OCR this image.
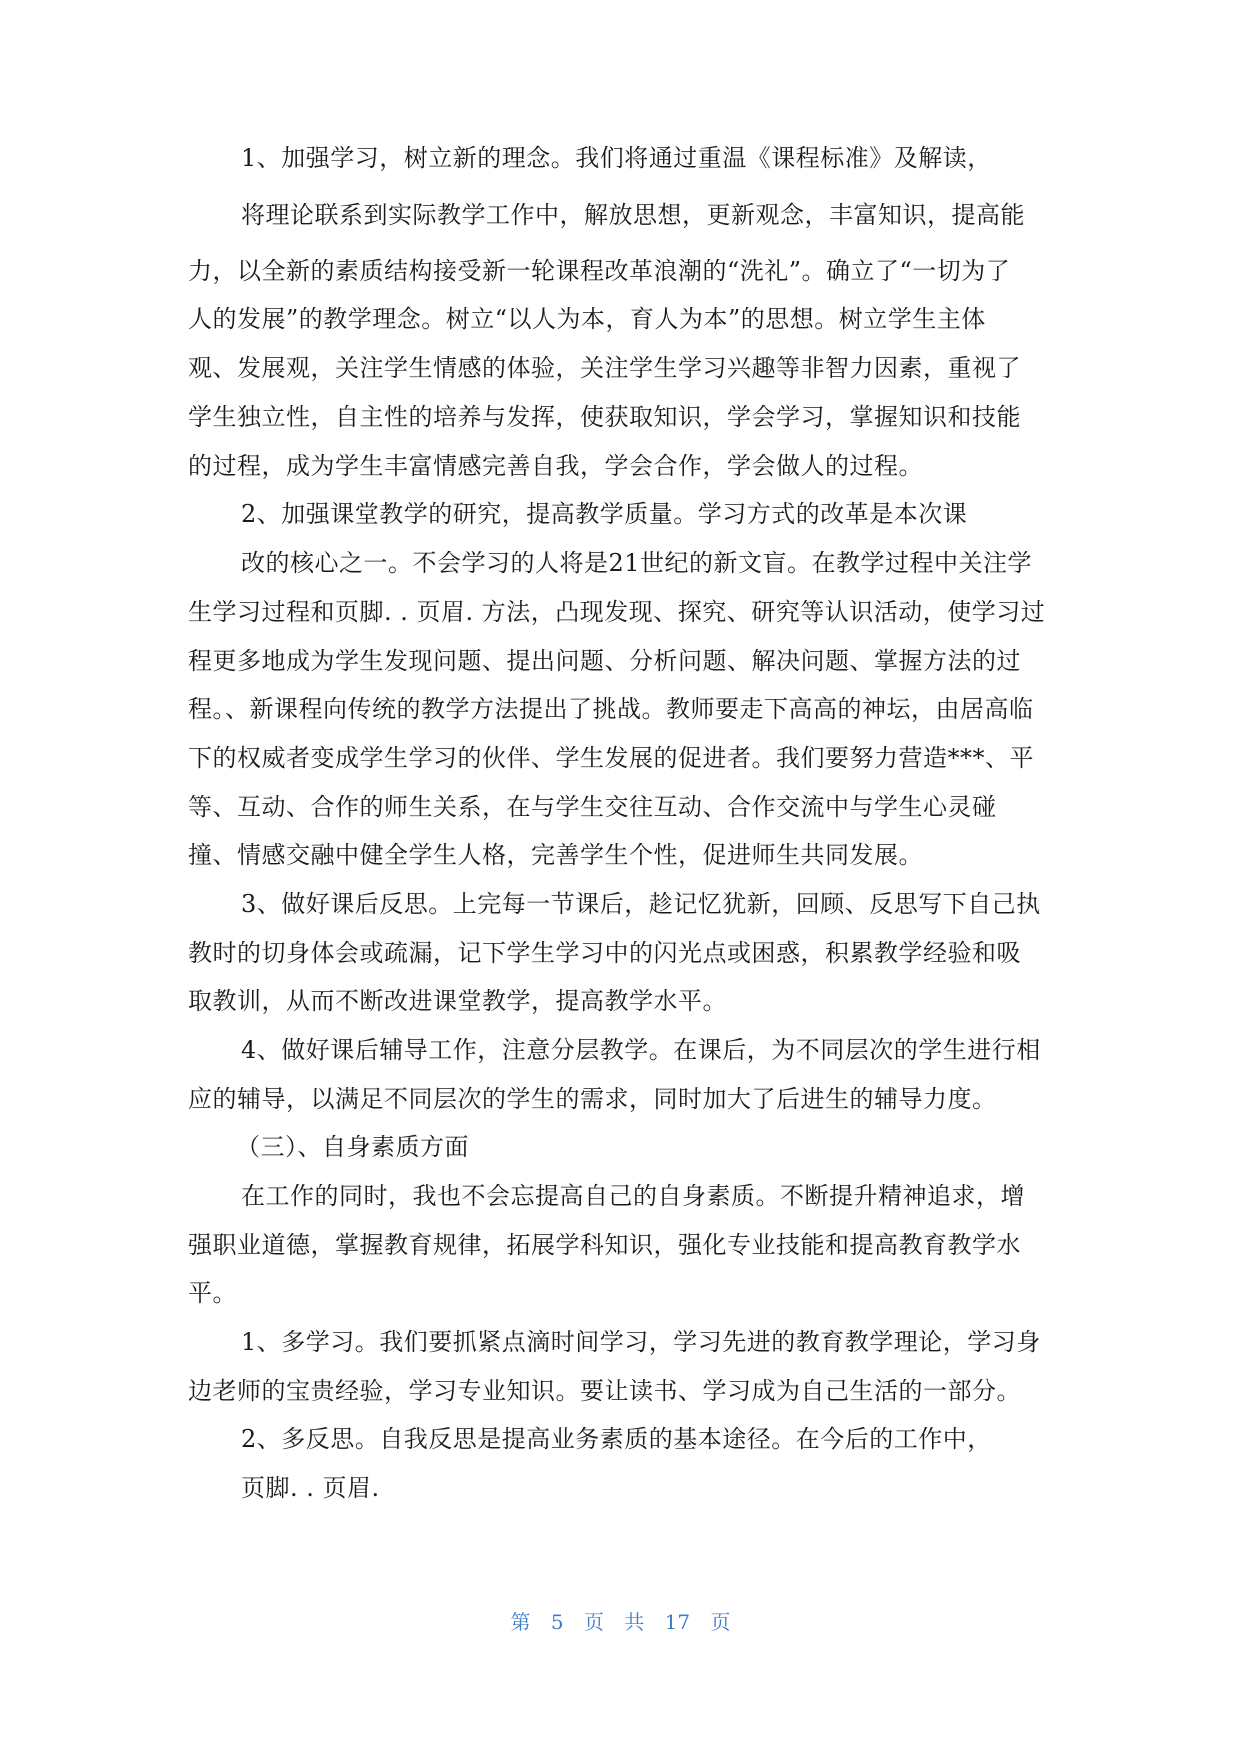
1、加强学习，树立新的理念。我们将通过重温《课程标准》及解读，
将理论联系到实际教学工作中，解放思想，更新观念，丰富知识，提高能
力，以全新的素质结构接受新一轮课程改革浪潮的“洗礼”。确立了“一切为了
人的发展”的教学理念。树立“以人为本，育人为本”的思想。树立学生主体
观、发展观，关注学生情感的体验，关注学生学习兴趣等非智力因素，重视了
学生独立性，自主性的培养与发挥，使获取知识，学会学习，掌握知识和技能
的过程，成为学生丰富情感完善自我，学会合作，学会做人的过程。
2、加强课堂教学的研究，提高教学质量。学习方式的改革是本次课
改的核心之一。不会学习的人将是21世纪的新文盲。在教学过程中关注学
生学习过程和页脚. . 页眉. 方法，凸现发现、探究、研究等认识活动，使学习过
程更多地成为学生发现问题、提出问题、分析问题、解决问题、掌握方法的过
程。、新课程向传统的教学方法提出了挑战。教师要走下高高的神坛，由居高临
下的权威者变成学生学习的伙伴、学生发展的促进者。我们要努力营造***、平
等、互动、合作的师生关系，在与学生交往互动、合作交流中与学生心灵碰
撞、情感交融中健全学生人格，完善学生个性，促进师生共同发展。
3、做好课后反思。上完每一节课后，趁记忆犹新，回顾、反思写下自己执
教时的切身体会或疏漏，记下学生学习中的闪光点或困惑，积累教学经验和吸
取教训，从而不断改进课堂教学，提高教学水平。
4、做好课后辅导工作，注意分层教学。在课后，为不同层次的学生进行相
应的辅导，以满足不同层次的学生的需求，同时加大了后进生的辅导力度。
（三）、自身素质方面
在工作的同时，我也不会忘提高自己的自身素质。不断提升精神追求，增
强职业道德，掌握教育规律，拓展学科知识，强化专业技能和提高教育教学水
平。
1、多学习。我们要抓紧点滴时间学习，学习先进的教育教学理论，学习身
边老师的宝贵经验，学习专业知识。要让读书、学习成为自己生活的一部分。
2、多反思。自我反思是提高业务素质的基本途径。在今后的工作中，
页脚. . 页眉.
第 5 页 共 17 页
